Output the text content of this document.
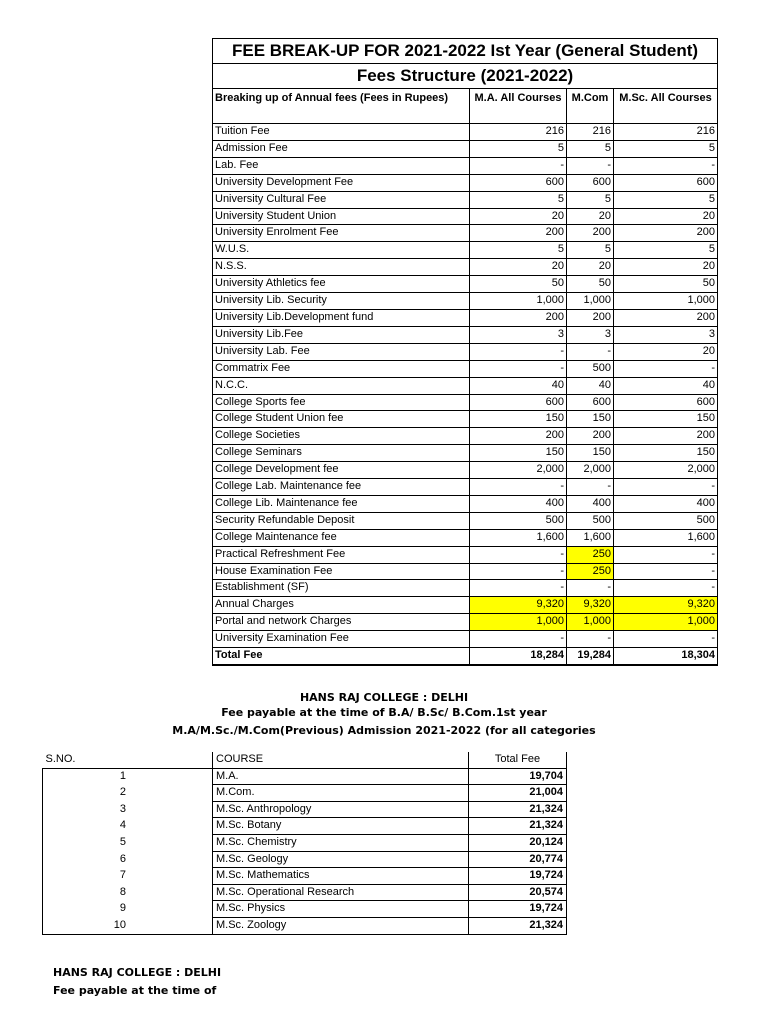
FEE BREAK-UP FOR 2021-2022 Ist Year (General Student)			
Fees Structure (2021-2022)			
Breaking up of Annual fees (Fees in Rupees)	M.A. All Courses	M.Com	M.Sc. All Courses
Tuition Fee	216	216	216
Admission Fee	5	5	5
Lab. Fee	-	-	-
University Development Fee	600	600	600
University Cultural Fee	5	5	5
University Student Union	20	20	20
University Enrolment Fee	200	200	200
W.U.S.	5	5	5
N.S.S.	20	20	20
University Athletics fee	50	50	50
University Lib. Security	1,000	1,000	1,000
University Lib.Development fund	200	200	200
University Lib.Fee	3	3	3
University Lab. Fee	-	-	20
Commatrix Fee	-	500	-
N.C.C.	40	40	40
College Sports fee	600	600	600
College Student Union fee	150	150	150
College Societies	200	200	200
College Seminars	150	150	150
College Development fee	2,000	2,000	2,000
College Lab. Maintenance fee	-	-	-
College Lib. Maintenance fee	400	400	400
Security Refundable Deposit	500	500	500
College Maintenance fee	1,600	1,600	1,600
Practical Refreshment Fee	-	250	-
House Examination Fee	-	250	-
Establishment (SF)	-	-	-
Annual Charges	9,320	9,320	9,320
Portal and network Charges	1,000	1,000	1,000
University Examination Fee	-	-	-
Total Fee	18,284	19,284	18,304
HANS RAJ COLLEGE : DELHI
Fee payable at the time of B.A/ B.Sc/ B.Com.1st year
M.A/M.Sc./M.Com(Previous) Admission 2021-2022 (for all categories
S.NO.	COURSE	Total Fee
1	M.A.	19,704
2	M.Com.	21,004
3	M.Sc. Anthropology	21,324
4	M.Sc. Botany	21,324
5	M.Sc. Chemistry	20,124
6	M.Sc. Geology	20,774
7	M.Sc. Mathematics	19,724
8	M.Sc. Operational Research	20,574
9	M.Sc. Physics	19,724
10	M.Sc. Zoology	21,324
HANS RAJ COLLEGE : DELHI
Fee payable at the time of
